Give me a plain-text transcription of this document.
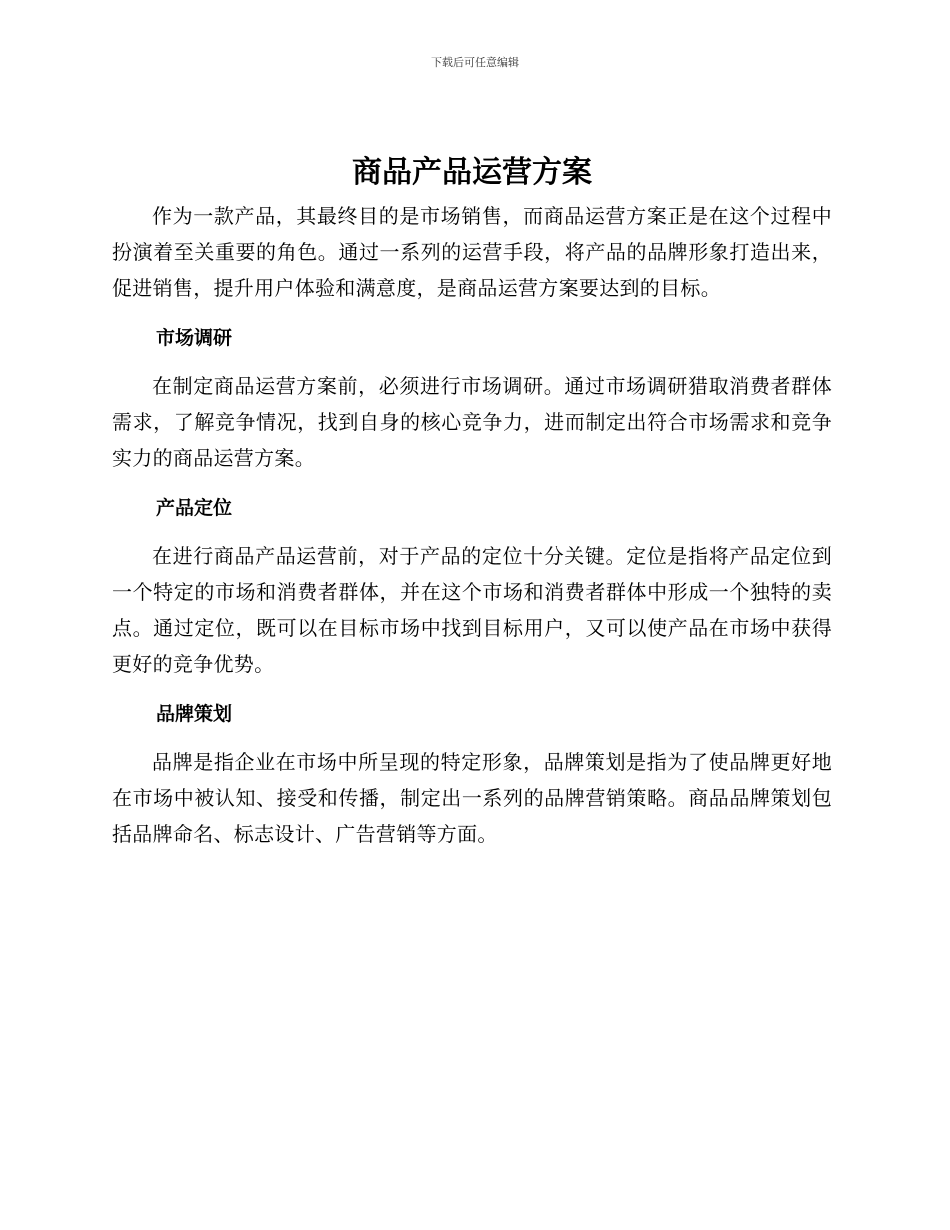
下载后可任意编辑
商品产品运营方案

作为一款产品，其最终目的是市场销售，而商品运营方案正是在这个过程中扮演着至关重要的角色。通过一系列的运营手段，将产品的品牌形象打造出来，促进销售，提升用户体验和满意度，是商品运营方案要达到的目标。

市场调研

在制定商品运营方案前，必须进行市场调研。通过市场调研猎取消费者群体需求，了解竞争情况，找到自身的核心竞争力，进而制定出符合市场需求和竞争实力的商品运营方案。

产品定位

在进行商品产品运营前，对于产品的定位十分关键。定位是指将产品定位到一个特定的市场和消费者群体，并在这个市场和消费者群体中形成一个独特的卖点。通过定位，既可以在目标市场中找到目标用户，又可以使产品在市场中获得更好的竞争优势。

品牌策划

品牌是指企业在市场中所呈现的特定形象，品牌策划是指为了使品牌更好地在市场中被认知、接受和传播，制定出一系列的品牌营销策略。商品品牌策划包括品牌命名、标志设计、广告营销等方面。
